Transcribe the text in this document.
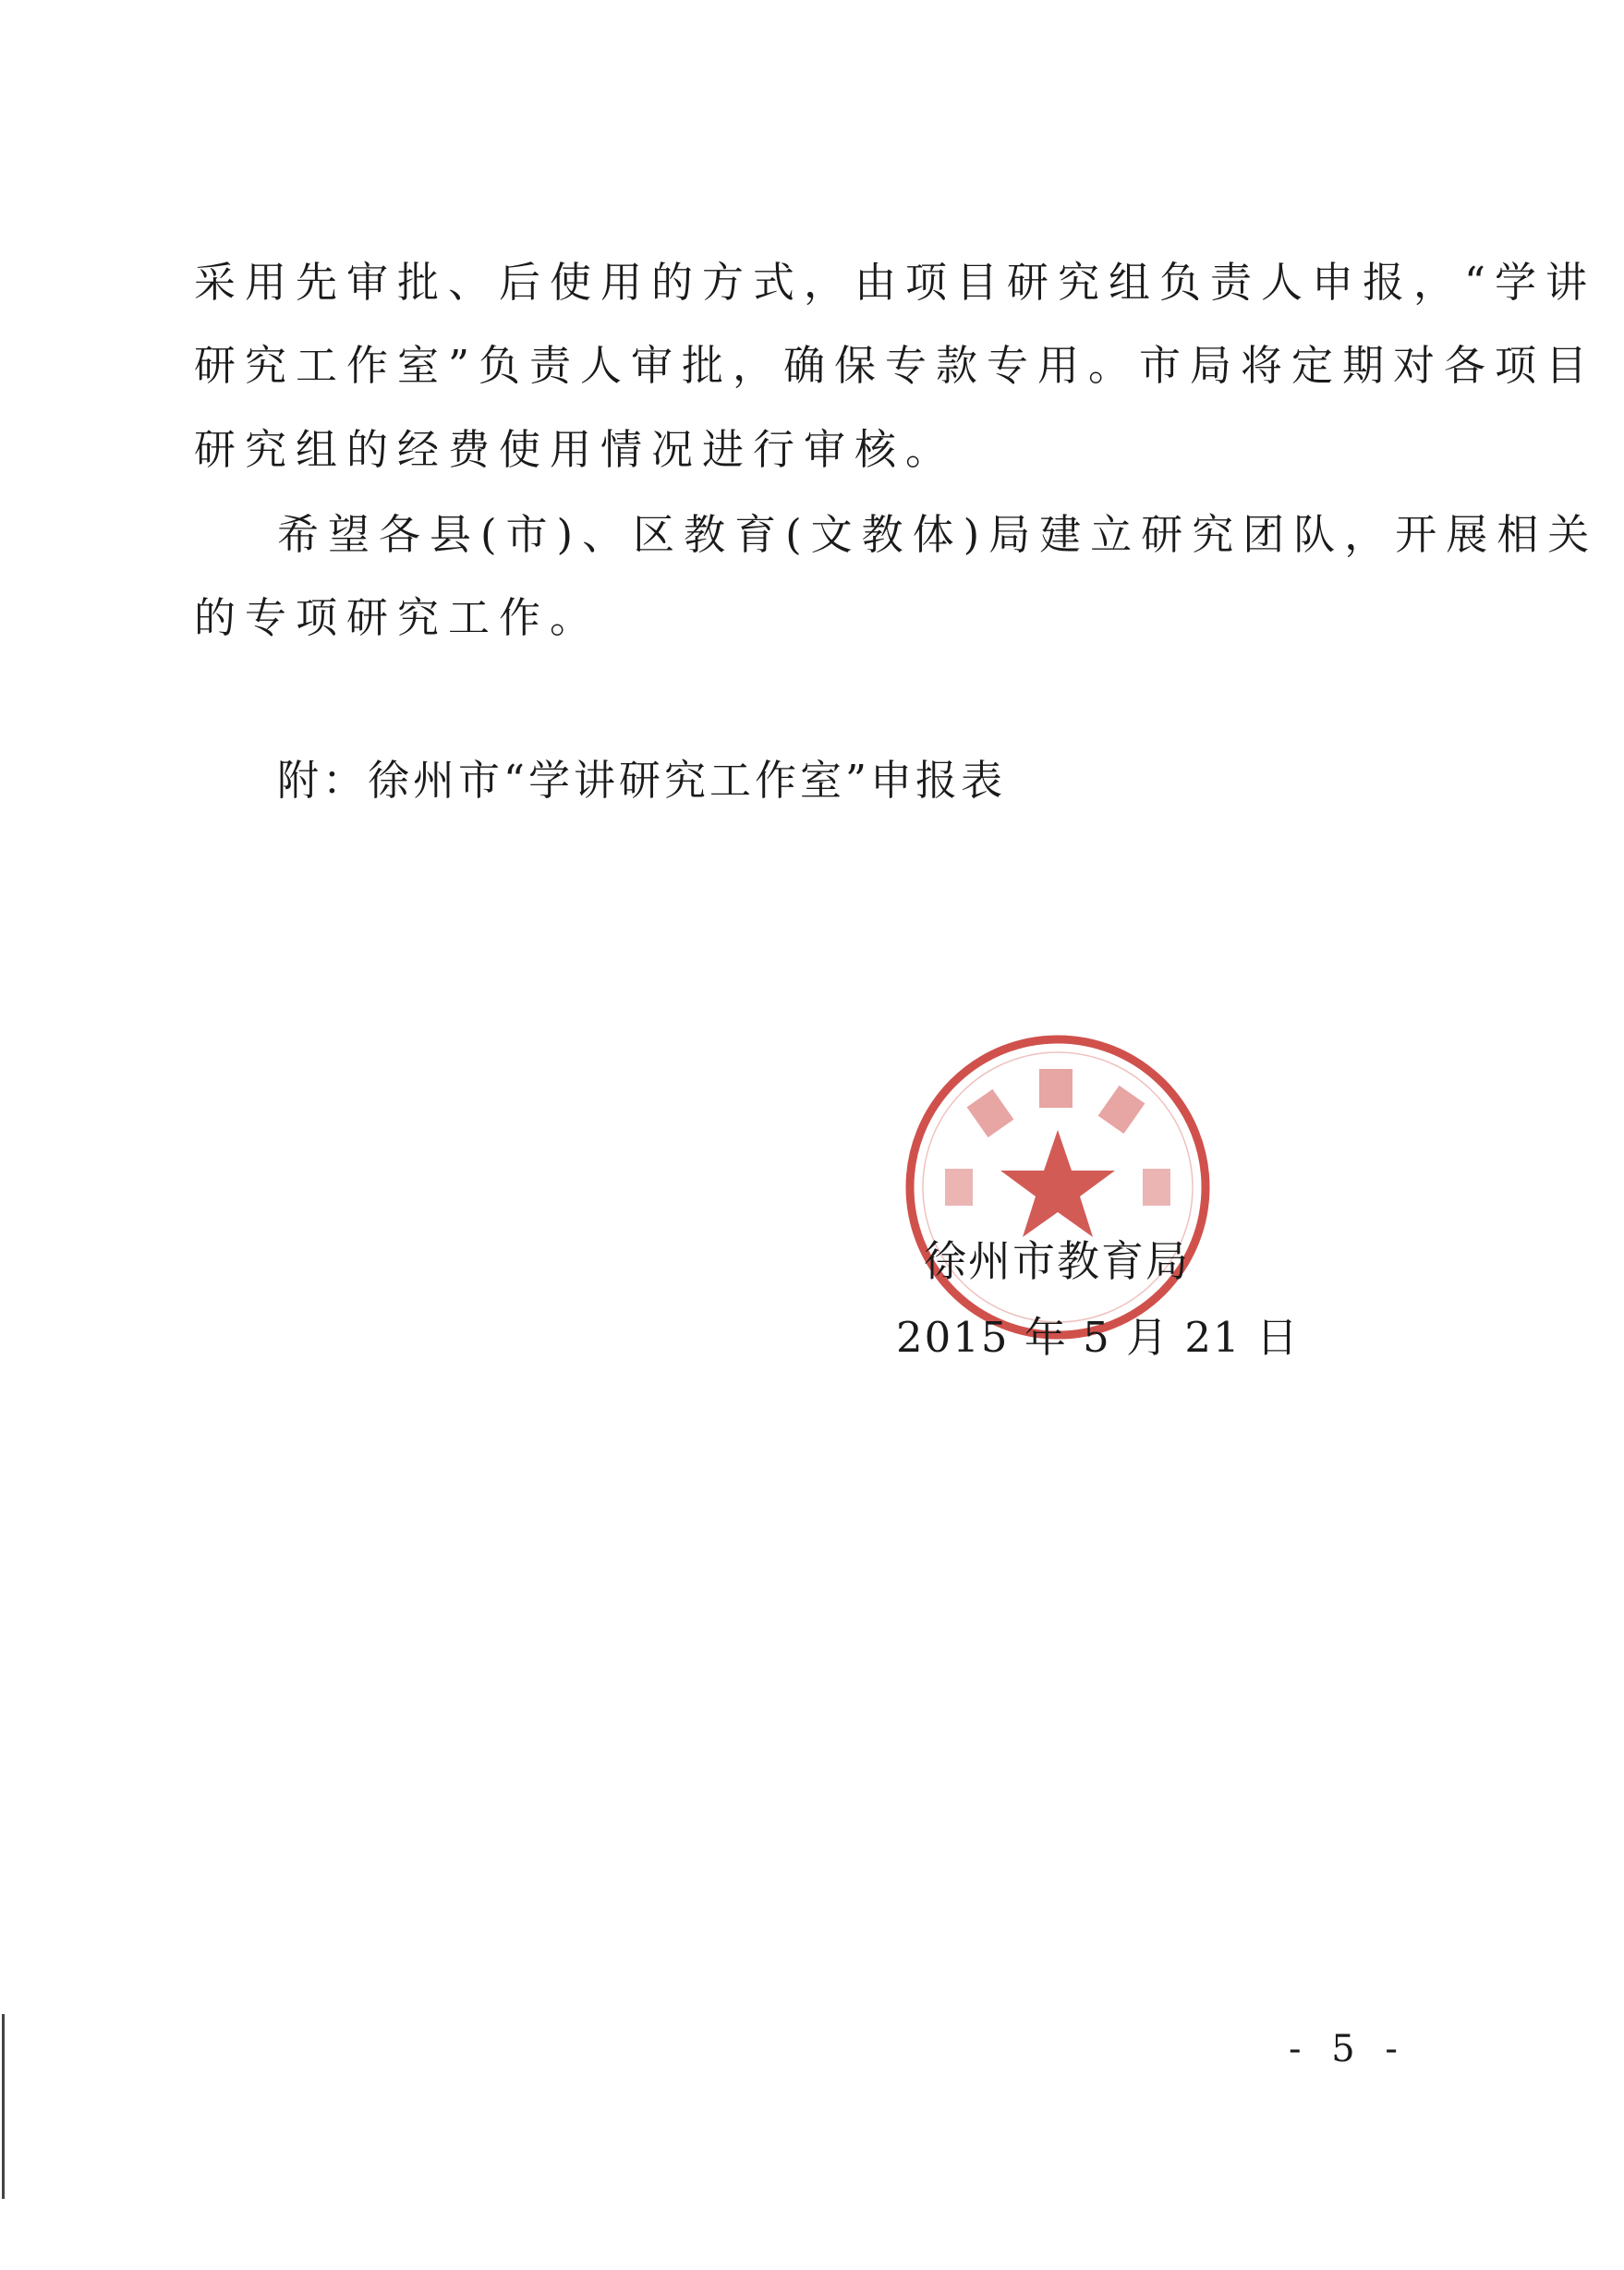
采用先审批、后使用的方式，由项目研究组负责人申报，“学讲
研究工作室”负责人审批，确保专款专用。市局将定期对各项目
研究组的经费使用情况进行审核。
希望各县(市)、区教育(文教体)局建立研究团队，开展相关
的专项研究工作。
附：徐州市“学讲研究工作室”申报表
徐州市教育局
2015 年 5 月 21 日
- 5 -
